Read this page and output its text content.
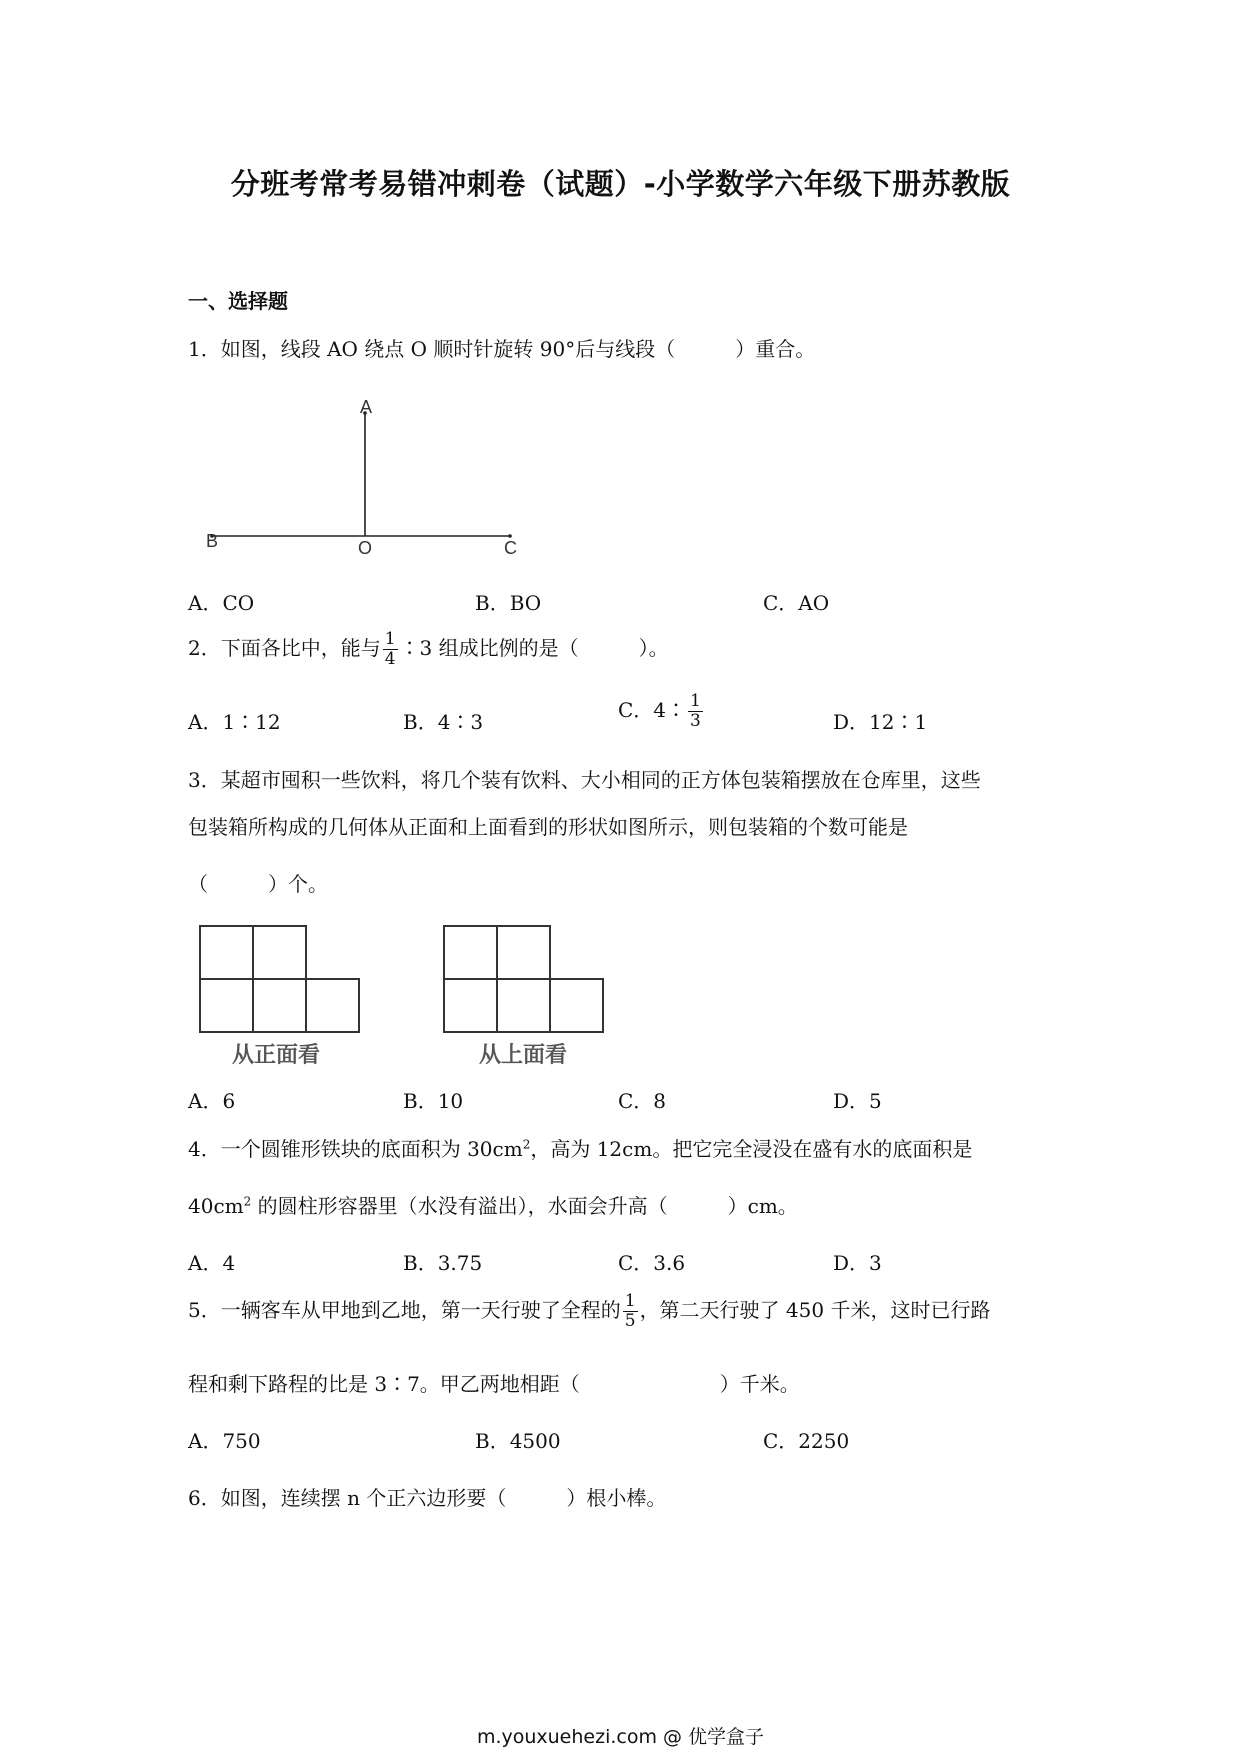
分班考常考易错冲刺卷（试题）-小学数学六年级下册苏教版
一、选择题
1．如图，线段 AO 绕点 O 顺时针旋转 90°后与线段（　　　）重合。
A
B	O	C
A．CO	B．BO	C．AO
2．下面各比中，能与 $\frac{1}{4}$ ∶3 组成比例的是（　　　）。
A．1∶12	B．4∶3	C．4∶ $\frac{1}{3}$	D．12∶1
3．某超市囤积一些饮料，将几个装有饮料、大小相同的正方体包装箱摆放在仓库里，这些
包装箱所构成的几何体从正面和上面看到的形状如图所示，则包装箱的个数可能是
（　　　）个。
从正面看	从上面看
A．6	B．10	C．8	D．5
4．一个圆锥形铁块的底面积为 $30cm^2$，高为 12cm。把它完全浸没在盛有水的底面积是
$40cm^2$ 的圆柱形容器里（水没有溢出），水面会升高（　　　）cm。
A．4	B．3.75	C．3.6	D．3
5．一辆客车从甲地到乙地，第一天行驶了全程的 $\frac{1}{5}$ ，第二天行驶了 450 千米，这时已行路
程和剩下路程的比是 3∶7。甲乙两地相距（　　　　　　　）千米。
A．750	B．4500	C．2250
6．如图，连续摆 n 个正六边形要（　　　）根小棒。
m.youxuehezi.com @ 优学盒子
